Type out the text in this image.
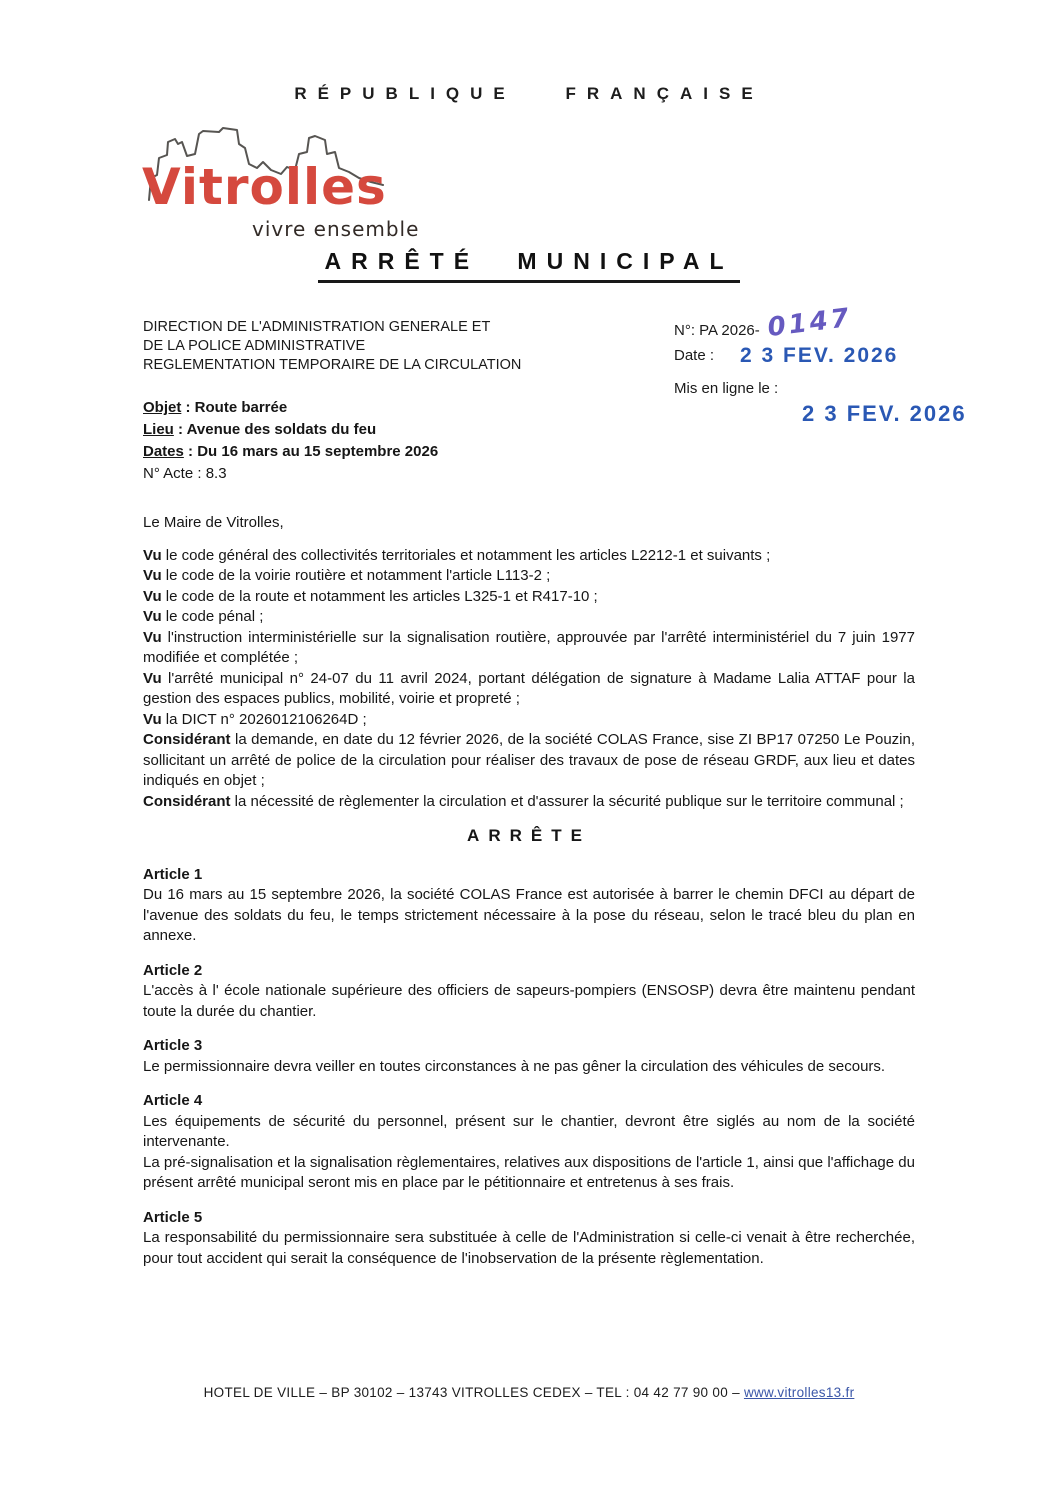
RÉPUBLIQUE FRANÇAISE
Vitrolles
vivre ensemble
ARRÊTÉ MUNICIPAL
DIRECTION DE L'ADMINISTRATION GENERALE ET
DE LA POLICE ADMINISTRATIVE
REGLEMENTATION TEMPORAIRE DE LA CIRCULATION
N°: PA 2026- 0147
Date : 2 3 FEV. 2026
Mis en ligne le :
2 3 FEV. 2026
Objet : Route barrée
Lieu : Avenue des soldats du feu
Dates : Du 16 mars au 15 septembre 2026
N° Acte : 8.3
Le Maire de Vitrolles,

Vu le code général des collectivités territoriales et notamment les articles L2212-1 et suivants ;

Vu le code de la voirie routière et notamment l'article L113-2 ;

Vu le code de la route et notamment les articles L325-1 et R417-10 ;

Vu le code pénal ;

Vu l'instruction interministérielle sur la signalisation routière, approuvée par l'arrêté interministériel du 7 juin 1977 modifiée et complétée ;

Vu l'arrêté municipal n° 24-07 du 11 avril 2024, portant délégation de signature à Madame Lalia ATTAF pour la gestion des espaces publics, mobilité, voirie et propreté ;

Vu la DICT n° 2026012106264D ;

Considérant la demande, en date du 12 février 2026, de la société COLAS France, sise ZI BP17 07250 Le Pouzin, sollicitant un arrêté de police de la circulation pour réaliser des travaux de pose de réseau GRDF, aux lieu et dates indiqués en objet ;

Considérant la nécessité de règlementer la circulation et d'assurer la sécurité publique sur le territoire communal ;

ARRÊTE
Article 1

Du 16 mars au 15 septembre 2026, la société COLAS France est autorisée à barrer le chemin DFCI au départ de l'avenue des soldats du feu, le temps strictement nécessaire à la pose du réseau, selon le tracé bleu du plan en annexe.

Article 2

L'accès à l' école nationale supérieure des officiers de sapeurs-pompiers (ENSOSP) devra être maintenu pendant toute la durée du chantier.

Article 3

Le permissionnaire devra veiller en toutes circonstances à ne pas gêner la circulation des véhicules de secours.

Article 4

Les équipements de sécurité du personnel, présent sur le chantier, devront être siglés au nom de la société intervenante.

La pré-signalisation et la signalisation règlementaires, relatives aux dispositions de l'article 1, ainsi que l'affichage du présent arrêté municipal seront mis en place par le pétitionnaire et entretenus à ses frais.

Article 5

La responsabilité du permissionnaire sera substituée à celle de l'Administration si celle-ci venait à être recherchée, pour tout accident qui serait la conséquence de l'inobservation de la présente règlementation.

HOTEL DE VILLE – BP 30102 – 13743 VITROLLES CEDEX – TEL : 04 42 77 90 00 – www.vitrolles13.fr
